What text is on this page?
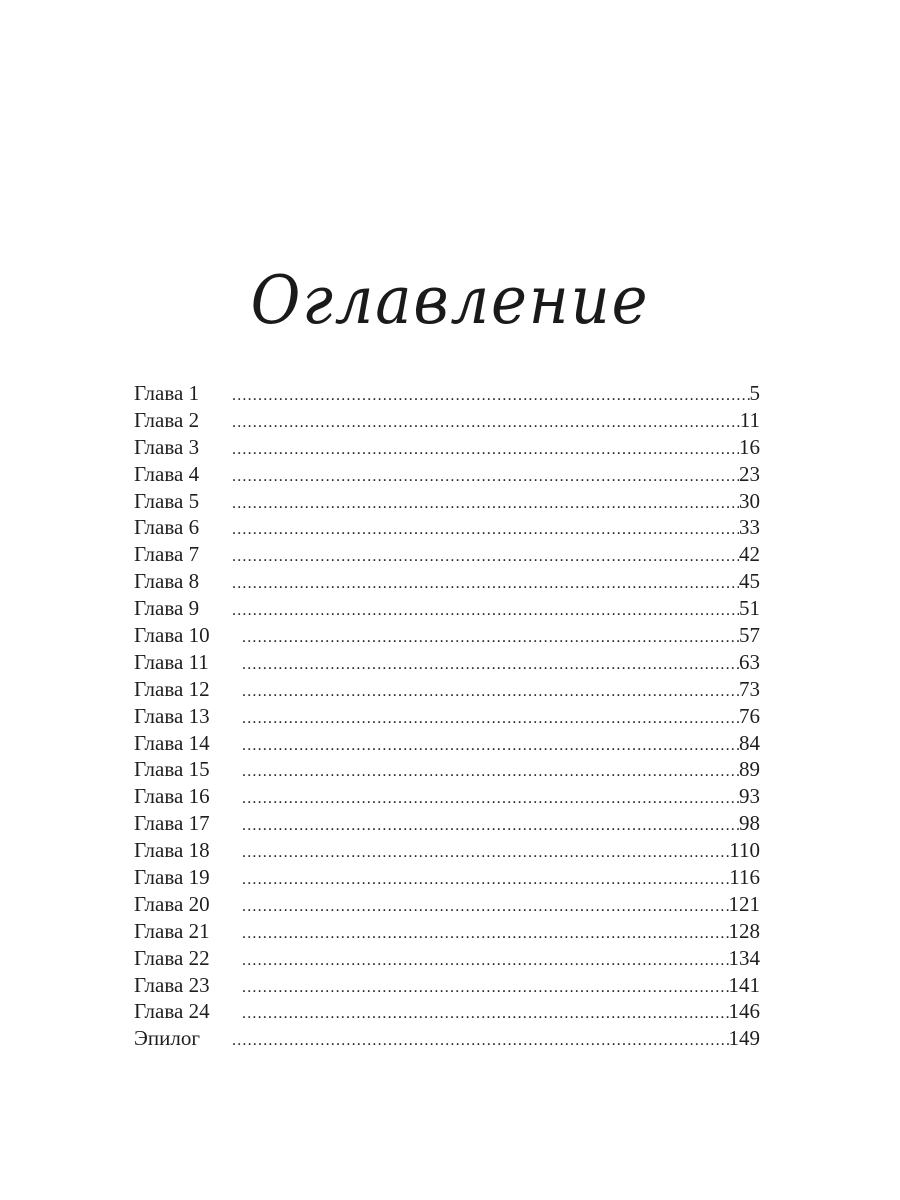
Оглавление
Глава 1 .....	5
Глава 2 .....	11
Глава 3 .....	16
Глава 4 .....	23
Глава 5 .....	30
Глава 6 .....	33
Глава 7 .....	42
Глава 8 .....	45
Глава 9 .....	51
Глава 10 .....	57
Глава 11 .....	63
Глава 12 .....	73
Глава 13 .....	76
Глава 14 .....	84
Глава 15 .....	89
Глава 16 .....	93
Глава 17 .....	98
Глава 18 .....	110
Глава 19 .....	116
Глава 20 .....	121
Глава 21 .....	128
Глава 22 .....	134
Глава 23 .....	141
Глава 24 .....	146
Эпилог .....	149
